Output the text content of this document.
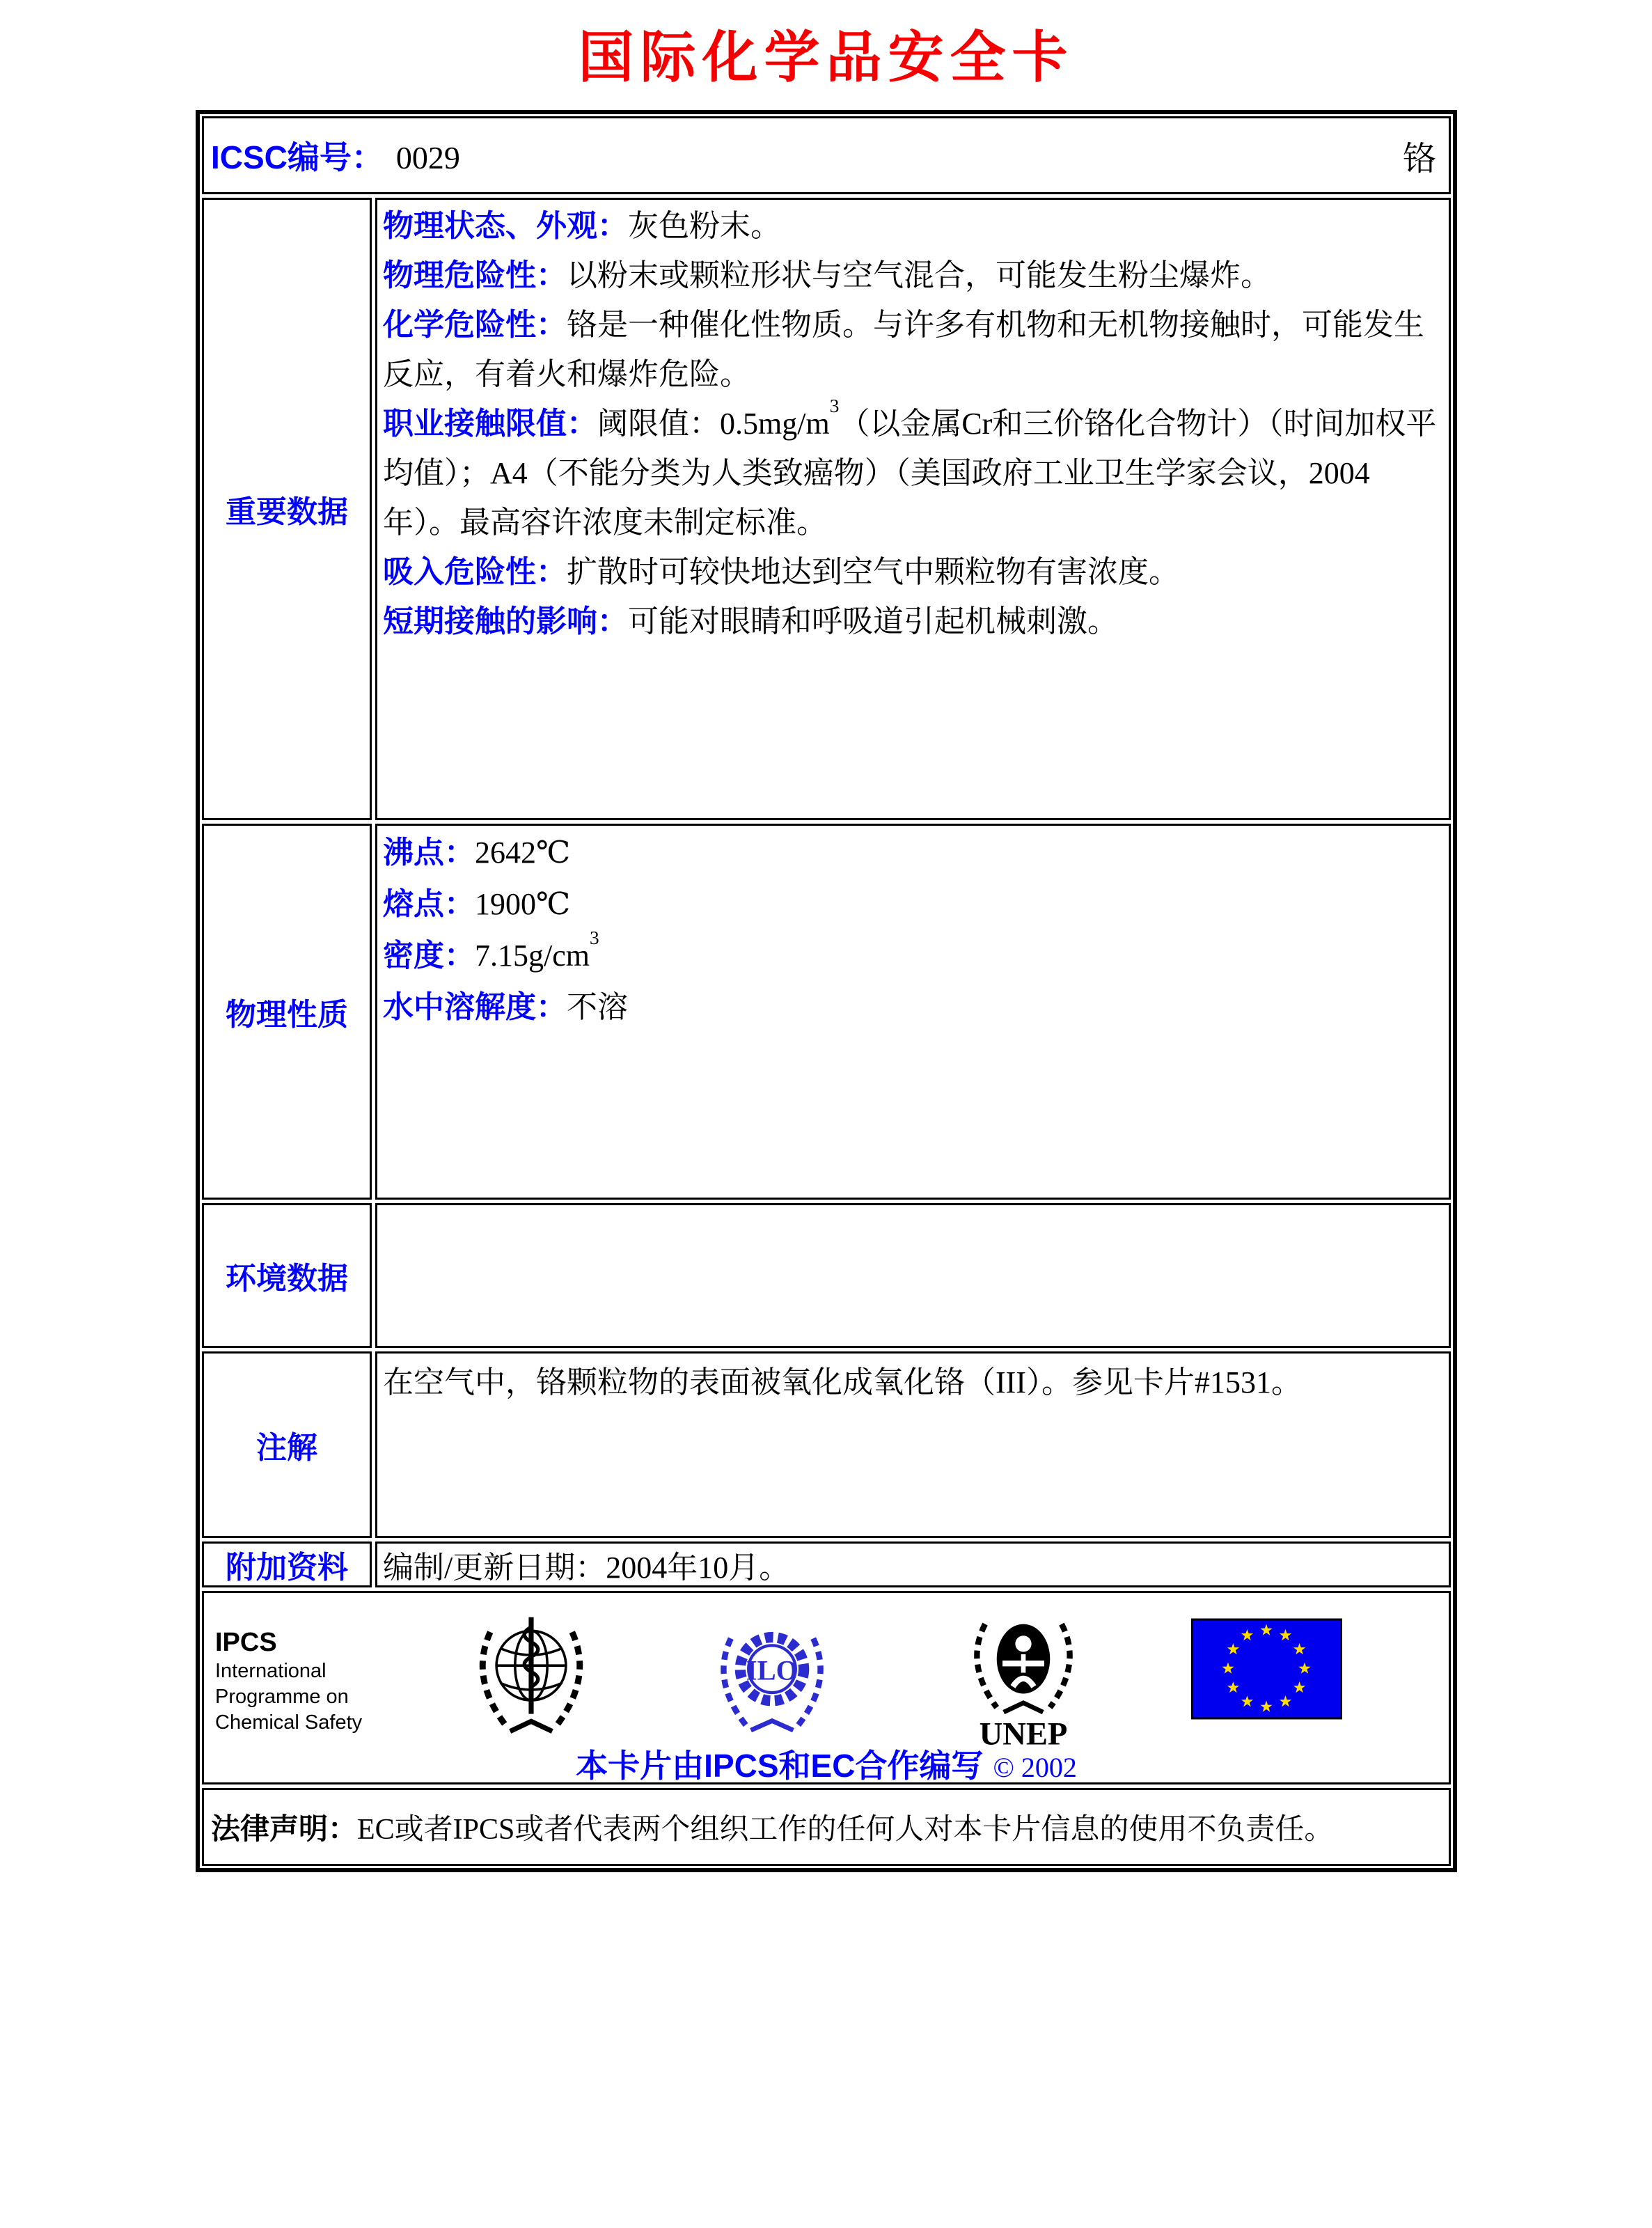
国际化学品安全卡
ICSC编号： 0029	铬
重要数据

物理状态、外观：灰色粉末。

物理危险性：以粉末或颗粒形状与空气混合，可能发生粉尘爆炸。

化学危险性：铬是一种催化性物质。与许多有机物和无机物接触时，可能发生反应，有着火和爆炸危险。

职业接触限值：阈限值：$0.5mg/m^3$（以金属Cr和三价铬化合物计）（时间加权平均值）；A4（不能分类为人类致癌物）（美国政府工业卫生学家会议，2004年）。最高容许浓度未制定标准。

吸入危险性：扩散时可较快地达到空气中颗粒物有害浓度。

短期接触的影响：可能对眼睛和呼吸道引起机械刺激。

物理性质

沸点：2642℃

熔点：1900℃

密度：$7.15g/cm^3$

水中溶解度：不溶

环境数据
注解

在空气中，铬颗粒物的表面被氧化成氧化铬（III）。参见卡片#1531。

附加资料 编制/更新日期：2004年10月。
IPCS
International
Programme on
Chemical Safety
ILO
UNEP
本卡片由IPCS和EC合作编写 © 2002
法律声明：EC或者IPCS或者代表两个组织工作的任何人对本卡片信息的使用不负责任。
